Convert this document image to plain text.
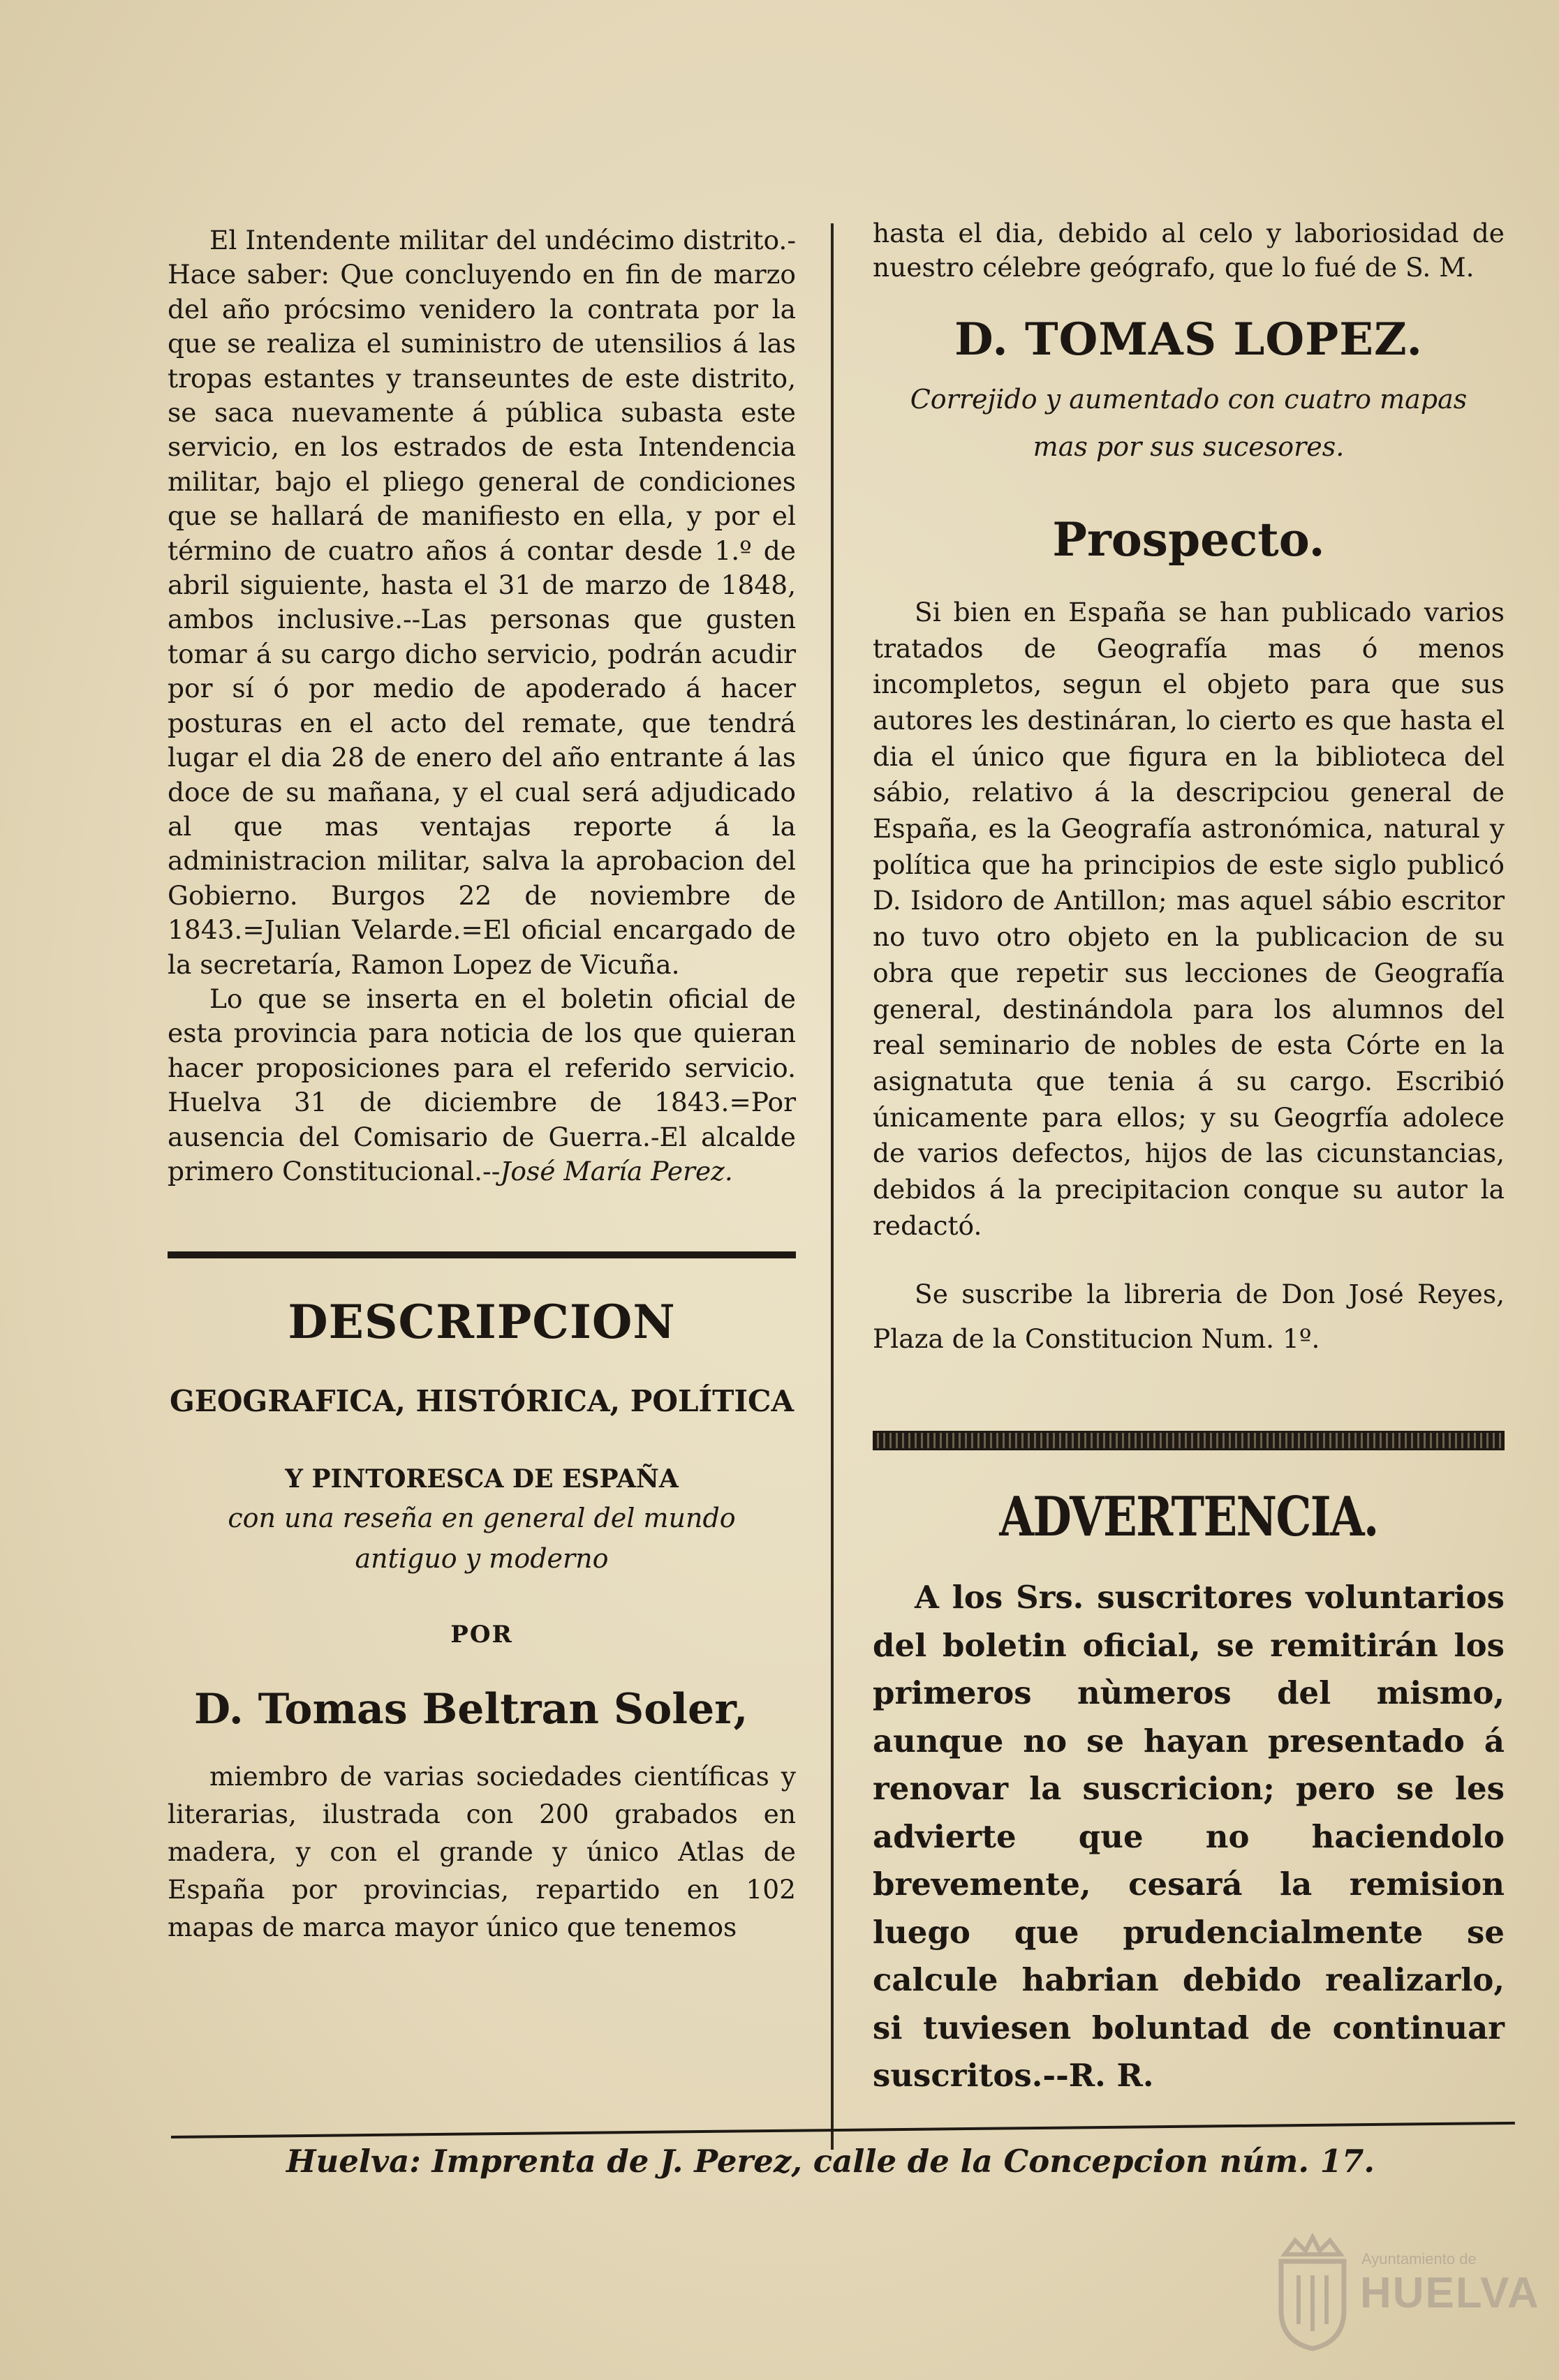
El Intendente militar del undécimo distrito.- Hace saber: Que concluyendo en fin de marzo del año prócsimo venidero la contrata por la que se realiza el suministro de utensilios á las tropas estantes y transeuntes de este distrito, se saca nuevamente á pública subasta este servicio, en los estrados de esta Intendencia militar, bajo el pliego general de condiciones que se hallará de manifiesto en ella, y por el término de cuatro años á contar desde 1.º de abril siguiente, hasta el 31 de marzo de 1848, ambos inclusive.--Las personas que gusten tomar á su cargo dicho servicio, podrán acudir por sí ó por medio de apoderado á hacer posturas en el acto del remate, que tendrá lugar el dia 28 de enero del año entrante á las doce de su mañana, y el cual será adjudicado al que mas ventajas reporte á la administracion militar, salva la aprobacion del Gobierno. Burgos 22 de noviembre de 1843.=Julian Velarde.=El oficial encargado de la secretaría, Ramon Lopez de Vicuña.

Lo que se inserta en el boletin oficial de esta provincia para noticia de los que quieran hacer proposiciones para el referido servicio. Huelva 31 de diciembre de 1843.=Por ausencia del Comisario de Guerra.-El alcalde primero Constitucional.--José María Perez.

DESCRIPCION

GEOGRAFICA, HISTÓRICA, POLÍTICA

Y PINTORESCA DE ESPAÑA

con una reseña en general del mundo antiguo y moderno

POR

D. Tomas Beltran Soler,

miembro de varias sociedades científicas y literarias, ilustrada con 200 grabados en madera, y con el grande y único Atlas de España por provincias, repartido en 102 mapas de marca mayor único que tenemos

hasta el dia, debido al celo y laboriosidad de nuestro célebre geógrafo, que lo fué de S. M.

D. TOMAS LOPEZ.

Correjido y aumentado con cuatro mapas mas por sus sucesores.

Prospecto.

Si bien en España se han publicado varios tratados de Geografía mas ó menos incompletos, segun el objeto para que sus autores les destináran, lo cierto es que hasta el dia el único que figura en la biblioteca del sábio, relativo á la descripciou general de España, es la Geografía astronómica, natural y política que ha principios de este siglo publicó D. Isidoro de Antillon; mas aquel sábio escritor no tuvo otro objeto en la publicacion de su obra que repetir sus lecciones de Geografía general, destinándola para los alumnos del real seminario de nobles de esta Córte en la asignatuta que tenia á su cargo. Escribió únicamente para ellos; y su Geogrfía adolece de varios defectos, hijos de las cicunstancias, debidos á la precipitacion conque su autor la redactó.

Se suscribe la libreria de Don José Reyes, Plaza de la Constitucion Num. 1º.

ADVERTENCIA.

A los Srs. suscritores voluntarios del boletin oficial, se remitirán los primeros nùmeros del mismo, aunque no se hayan presentado á renovar la suscricion; pero se les advierte que no haciendolo brevemente, cesará la remision luego que prudencialmente se calcule habrian debido realizarlo, si tuviesen boluntad de continuar suscritos.--R. R.

Huelva: Imprenta de J. Perez, calle de la Concepcion núm. 17.

Ayuntamiento de
HUELVA
